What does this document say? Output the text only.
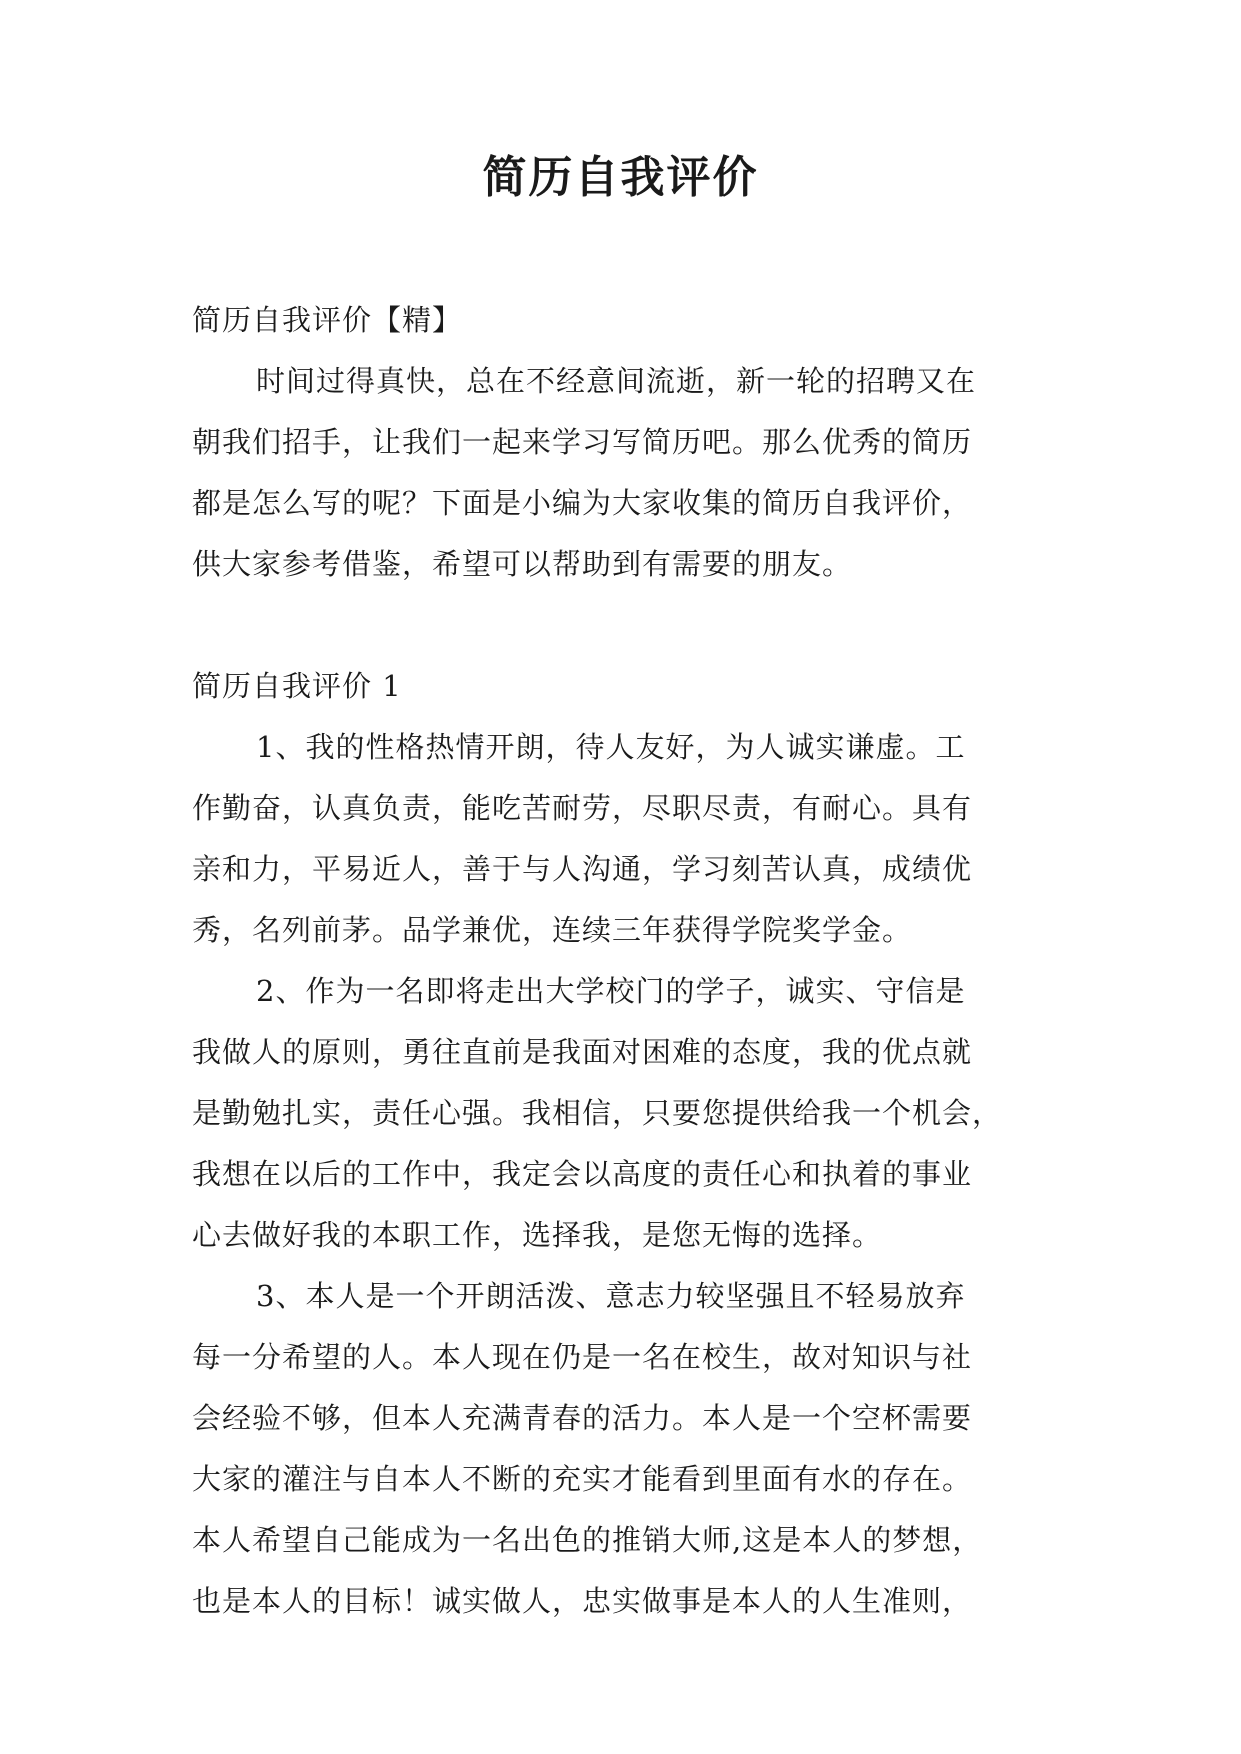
简历自我评价
简历自我评价【精】
时间过得真快，总在不经意间流逝，新一轮的招聘又在
朝我们招手，让我们一起来学习写简历吧。那么优秀的简历
都是怎么写的呢？下面是小编为大家收集的简历自我评价，
供大家参考借鉴，希望可以帮助到有需要的朋友。
简历自我评价 1
1、我的性格热情开朗，待人友好，为人诚实谦虚。工
作勤奋，认真负责，能吃苦耐劳，尽职尽责，有耐心。具有
亲和力，平易近人，善于与人沟通，学习刻苦认真，成绩优
秀，名列前茅。品学兼优，连续三年获得学院奖学金。
2、作为一名即将走出大学校门的学子，诚实、守信是
我做人的原则，勇往直前是我面对困难的态度，我的优点就
是勤勉扎实，责任心强。我相信，只要您提供给我一个机会，
我想在以后的工作中，我定会以高度的责任心和执着的事业
心去做好我的本职工作，选择我，是您无悔的选择。
3、本人是一个开朗活泼、意志力较坚强且不轻易放弃
每一分希望的人。本人现在仍是一名在校生，故对知识与社
会经验不够，但本人充满青春的活力。本人是一个空杯需要
大家的灌注与自本人不断的充实才能看到里面有水的存在。
本人希望自己能成为一名出色的推销大师,这是本人的梦想，
也是本人的目标！诚实做人，忠实做事是本人的人生准则，
